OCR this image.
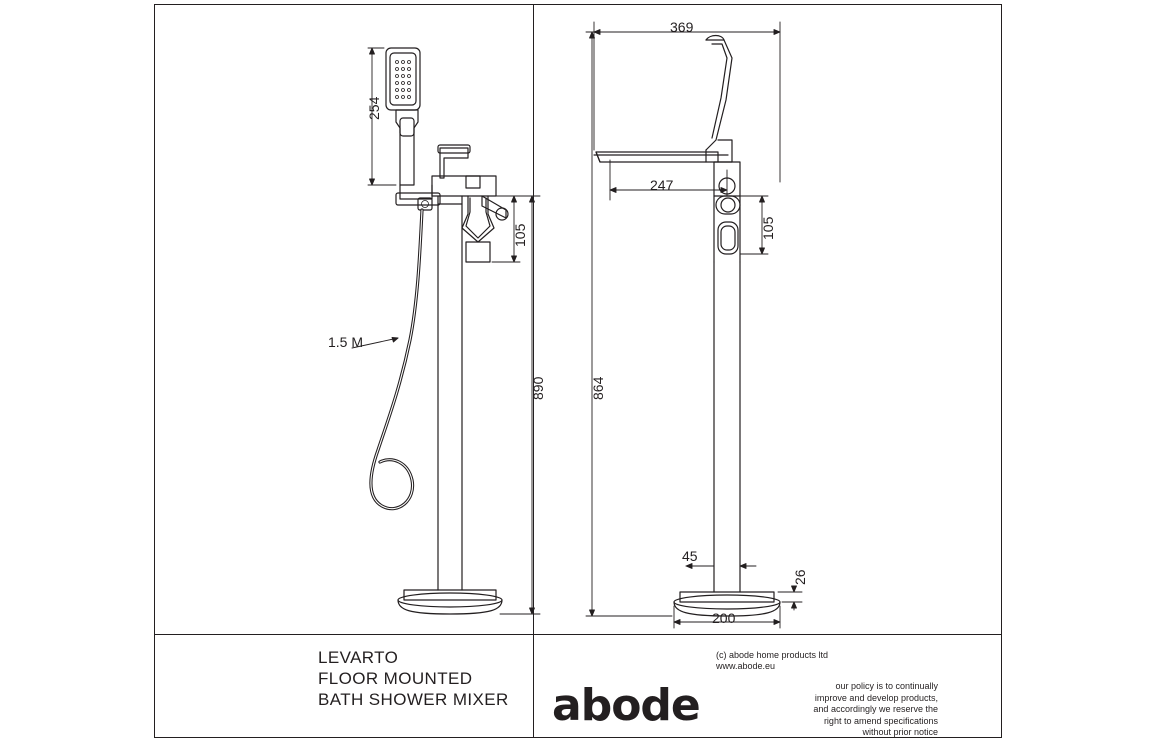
254
105
1.5 M
890
369
247
105
864
45
26
200
LEVARTO
FLOOR MOUNTED
BATH SHOWER MIXER abode
(c) abode home products ltd
www.abode.eu
our policy is to continually
improve and develop products,
and accordingly we reserve the
right to amend specifications
without prior notice
